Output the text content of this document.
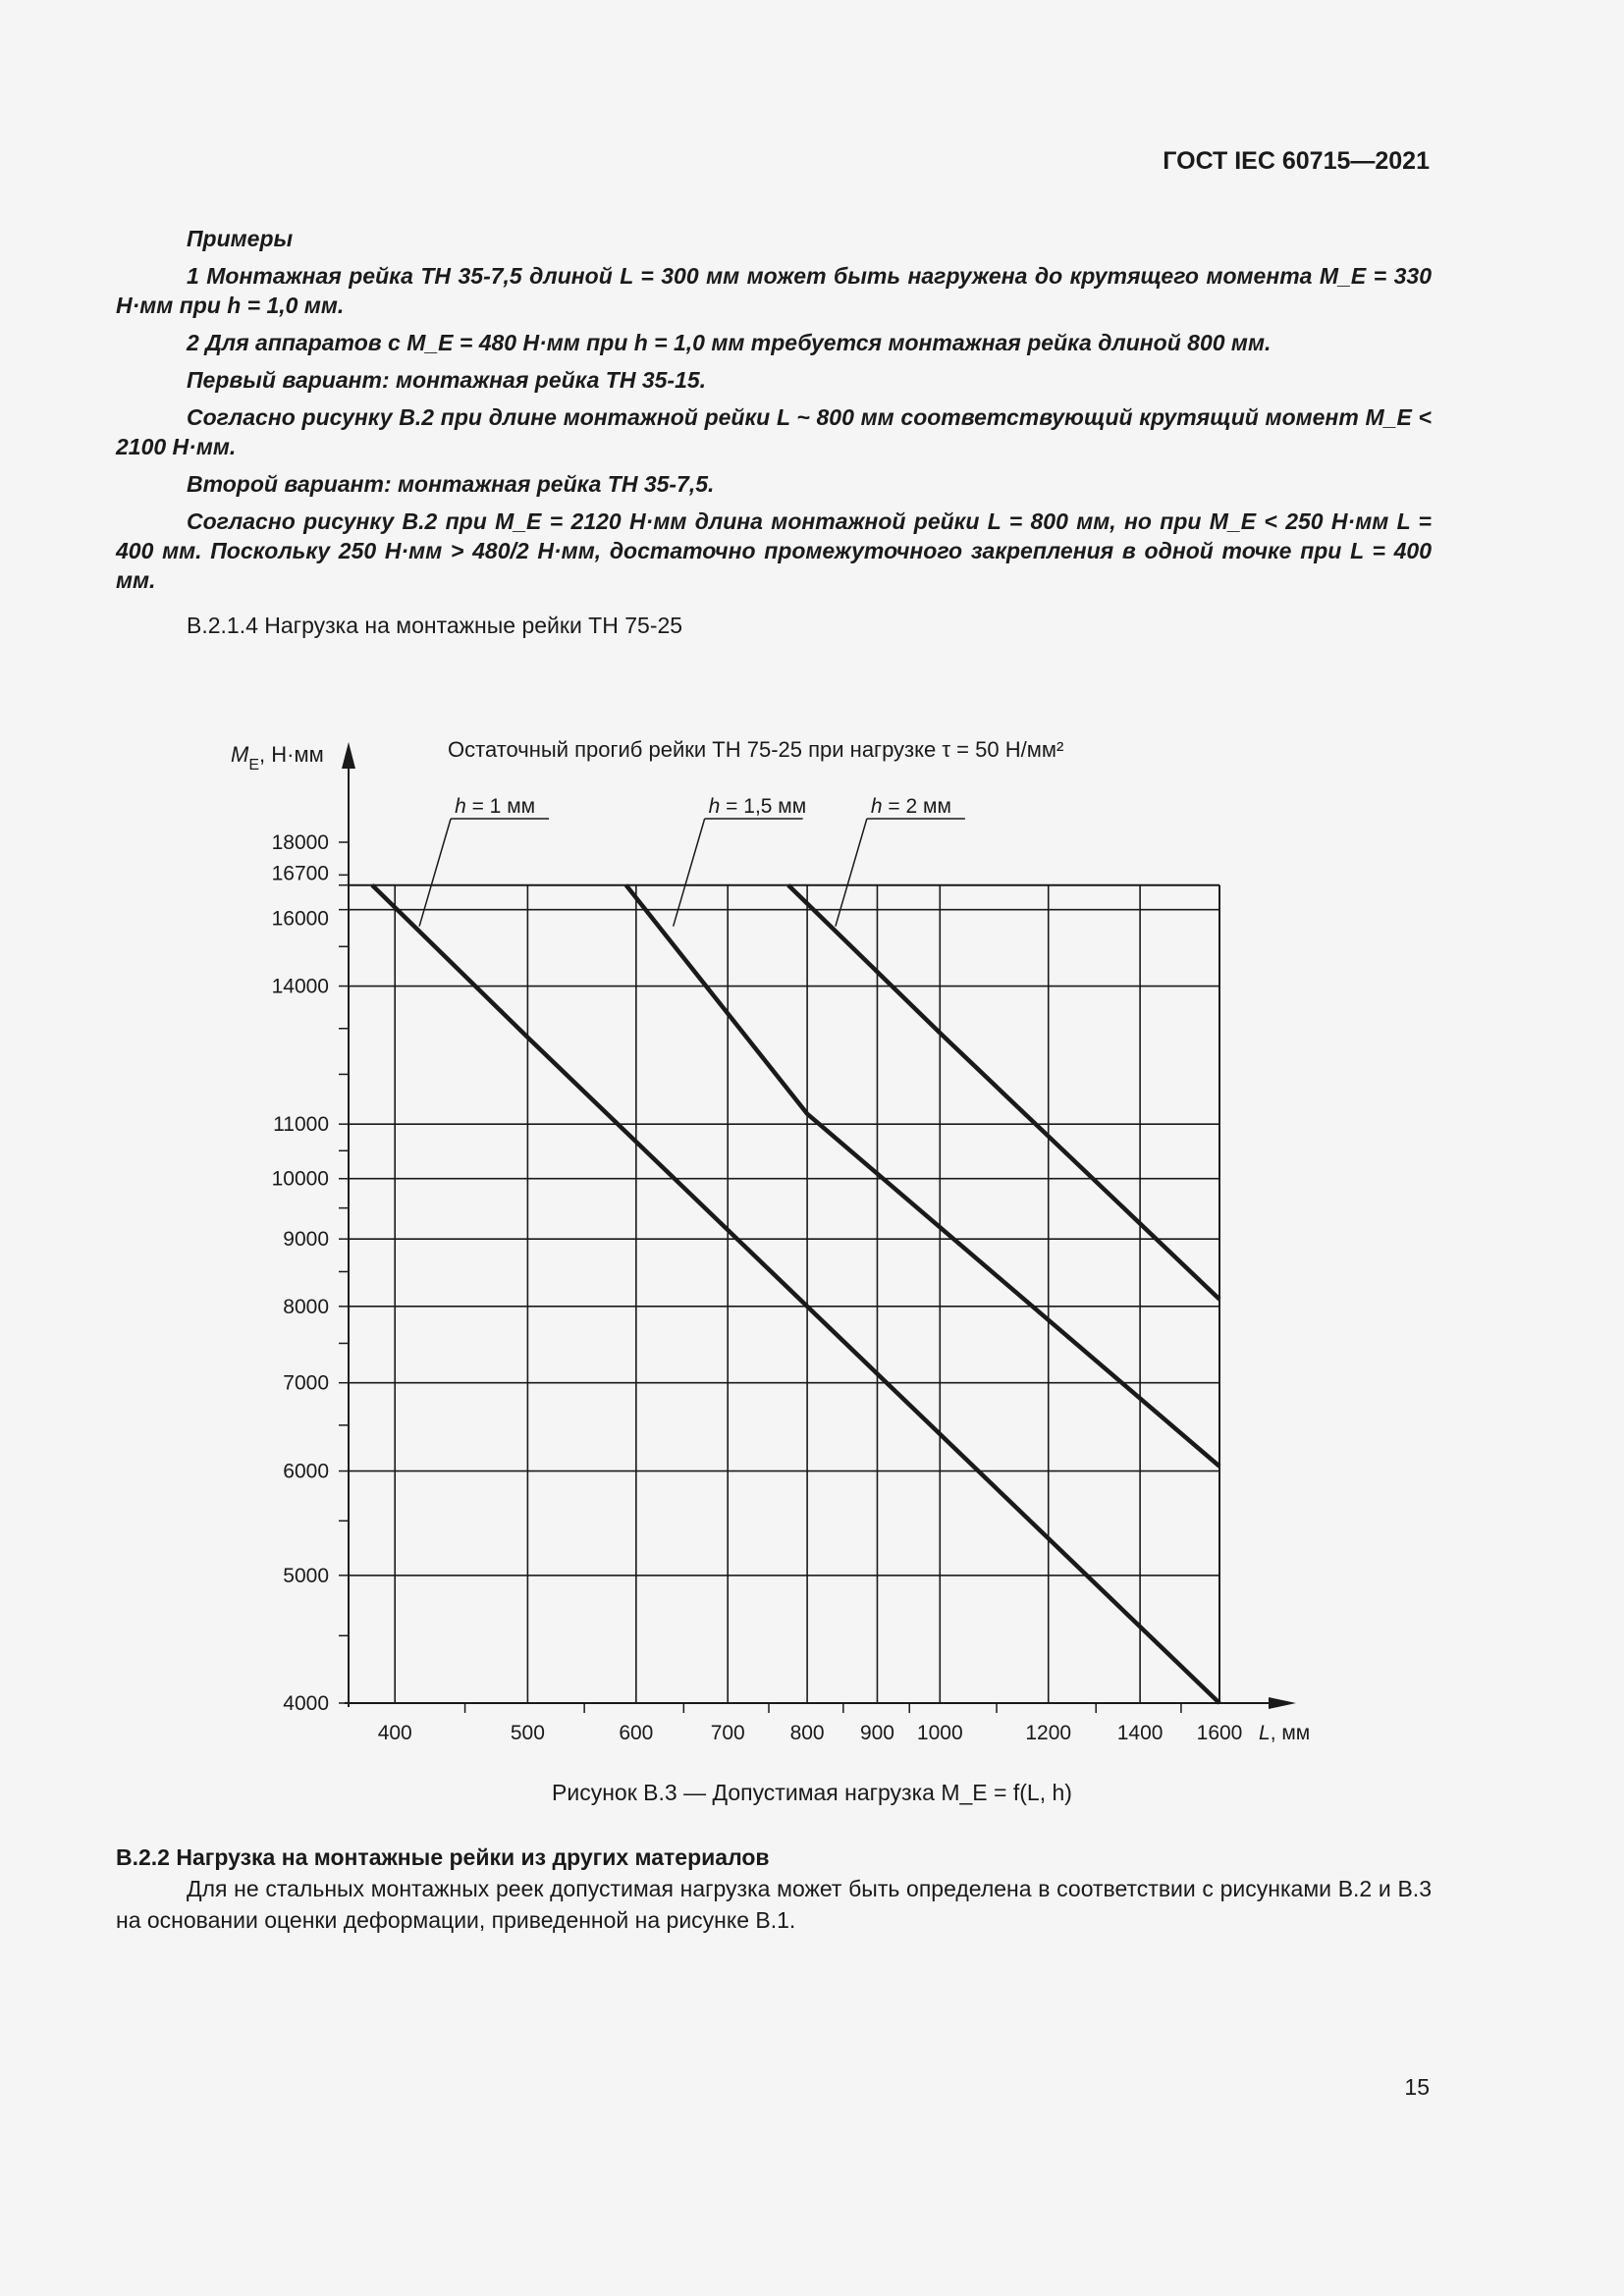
ГОСТ IEC 60715—2021

Примеры

1 Монтажная рейка ТН 35-7,5 длиной L = 300 мм может быть нагружена до крутящего момента M_E = 330 Н·мм при h = 1,0 мм.

2 Для аппаратов с M_E = 480 Н·мм при h = 1,0 мм требуется монтажная рейка длиной 800 мм.

Первый вариант: монтажная рейка ТН 35-15.

Согласно рисунку В.2 при длине монтажной рейки L ~ 800 мм соответствующий крутящий момент M_E < 2100 Н·мм.

Второй вариант: монтажная рейка ТН 35-7,5.

Согласно рисунку В.2 при M_E = 2120 Н·мм длина монтажной рейки L = 800 мм, но при M_E < 250 Н·мм L = 400 мм. Поскольку 250 Н·мм > 480/2 Н·мм, достаточно промежуточного закрепления в одной точке при L = 400 мм.

В.2.1.4 Нагрузка на монтажные рейки ТН 75-25

4000
5000
6000
7000
8000
9000
10000
11000
14000
16000
16700
18000
400	500	600	700 800 900 1000	1200 1400 1600
$M_E$, Н·мм
L, мм
Остаточный прогиб рейки ТН 75-25 при нагрузке τ = 50 Н/мм²
h = 1 мм	h = 1,5 мм	h = 2 мм

Рисунок В.3 — Допустимая нагрузка M_E = f(L, h)

В.2.2 Нагрузка на монтажные рейки из других материалов

Для не стальных монтажных реек допустимая нагрузка может быть определена в соответствии с рисунками В.2 и В.3 на основании оценки деформации, приведенной на рисунке В.1.

15
